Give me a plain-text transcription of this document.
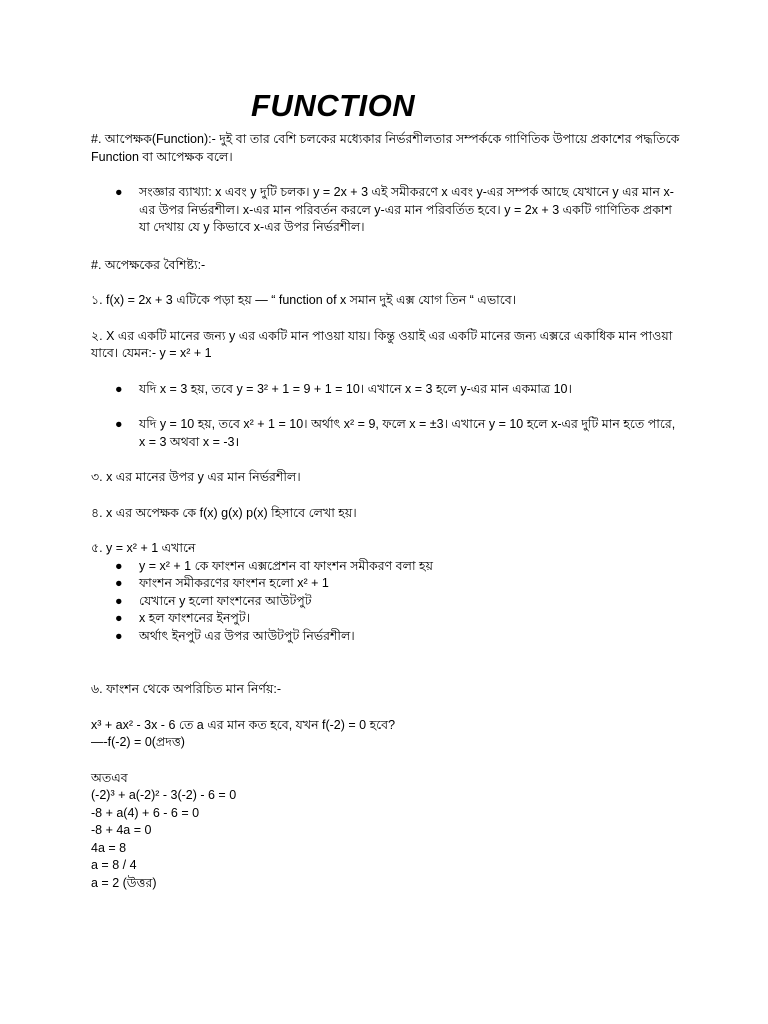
FUNCTION

#. আপেক্ষক(Function):- দুই বা তার বেশি চলকের মধ্যেকার নির্ভরশীলতার সম্পর্ককে গাণিতিক উপায়ে প্রকাশের পদ্ধতিকে Function বা আপেক্ষক বলে।

● সংজ্ঞার ব্যাখ্যা: x এবং y দুটি চলক। y = 2x + 3 এই সমীকরণে x এবং y-এর সম্পর্ক আছে যেখানে y এর মান x-এর উপর নির্ভরশীল। x-এর মান পরিবর্তন করলে y-এর মান পরিবর্তিত হবে। y = 2x + 3 একটি গাণিতিক প্রকাশ যা দেখায় যে y কিভাবে x-এর উপর নির্ভরশীল।

#. অপেক্ষকের বৈশিষ্ট্য:-

১. f(x) = 2x + 3 এটিকে পড়া হয় — “ function of x সমান দুই এক্স যোগ তিন “ এভাবে।

২. X এর একটি মানের জন্য y এর একটি মান পাওয়া যায়। কিন্তু ওয়াই এর একটি মানের জন্য এক্সরে একাধিক মান পাওয়া যাবে। যেমন:- y = x² + 1

● যদি x = 3 হয়, তবে y = 3² + 1 = 9 + 1 = 10। এখানে x = 3 হলে y-এর মান একমাত্র 10।
● যদি y = 10 হয়, তবে x² + 1 = 10। অর্থাৎ x² = 9, ফলে x = ±3। এখানে y = 10 হলে x-এর দুটি মান হতে পারে, x = 3 অথবা x = -3।

৩. x এর মানের উপর y এর মান নির্ভরশীল।

৪. x এর অপেক্ষক কে f(x) g(x) p(x) হিসাবে লেখা হয়।

৫. y = x² + 1 এখানে

● y = x² + 1 কে ফাংশন এক্সপ্রেশন বা ফাংশন সমীকরণ বলা হয়
● ফাংশন সমীকরণের ফাংশন হলো x² + 1
● যেখানে y হলো ফাংশনের আউটপুট
● x হল ফাংশনের ইনপুট।
● অর্থাৎ ইনপুট এর উপর আউটপুট নির্ভরশীল।

৬. ফাংশন থেকে অপরিচিত মান নির্ণয়:-

x³ + ax² - 3x - 6 তে a এর মান কত হবে, যখন f(-2) = 0 হবে?

—-f(-2) = 0(প্রদত্ত)

অতএব

(-2)³ + a(-2)² - 3(-2) - 6 = 0

-8 + a(4) + 6 - 6 = 0

-8 + 4a = 0

4a = 8

a = 8 / 4

a = 2 (উত্তর)
